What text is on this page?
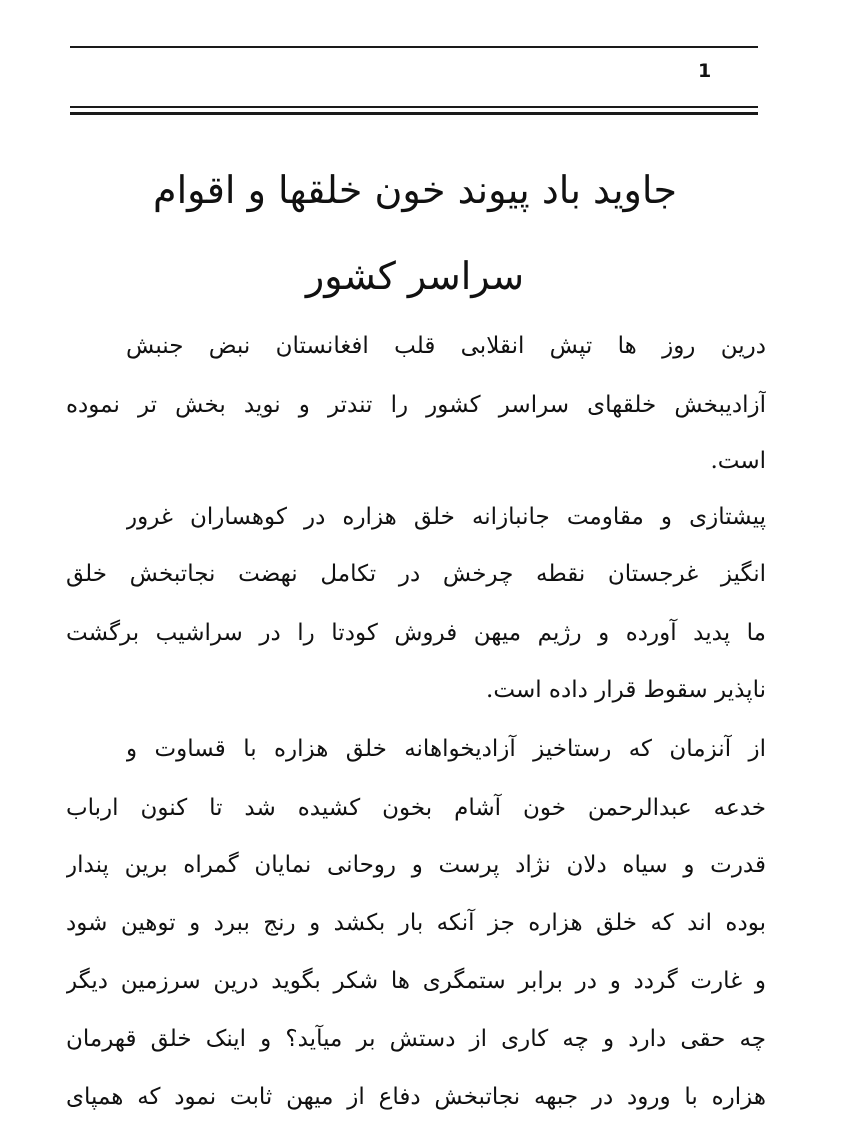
1
جاوید باد پیوند خون خلقها و اقوام
سراسر کشور
درین روز ها تپش انقلابی قلب افغانستان نبض جنبش
آزادیبخش خلقهای سراسر کشور را تندتر و نوید بخش تر نموده
است.
پیشتازی و مقاومت جانبازانه خلق هزاره در کوهساران غرور
انگیز غرجستان نقطه چرخش در تکامل نهضت نجاتبخش خلق
ما پدید آورده و رژیم میهن فروش کودتا را در سراشیب برگشت
ناپذیر سقوط قرار داده است.
از آنزمان که رستاخیز آزادیخواهانه خلق هزاره با قساوت و
خدعه عبدالرحمن خون آشام بخون کشیده شد تا کنون ارباب
قدرت و سیاه دلان نژاد پرست و روحانی نمایان گمراه برین پندار
بوده اند که خلق هزاره جز آنکه بار بکشد و رنج ببرد و توهین شود
و غارت گردد و در برابر ستمگری ها شکر بگوید درین سرزمین دیگر
چه حقی دارد و چه کاری از دستش بر میآید؟ و اینک خلق قهرمان
هزاره با ورود در جبهه نجاتبخش دفاع از میهن ثابت نمود که همپای
